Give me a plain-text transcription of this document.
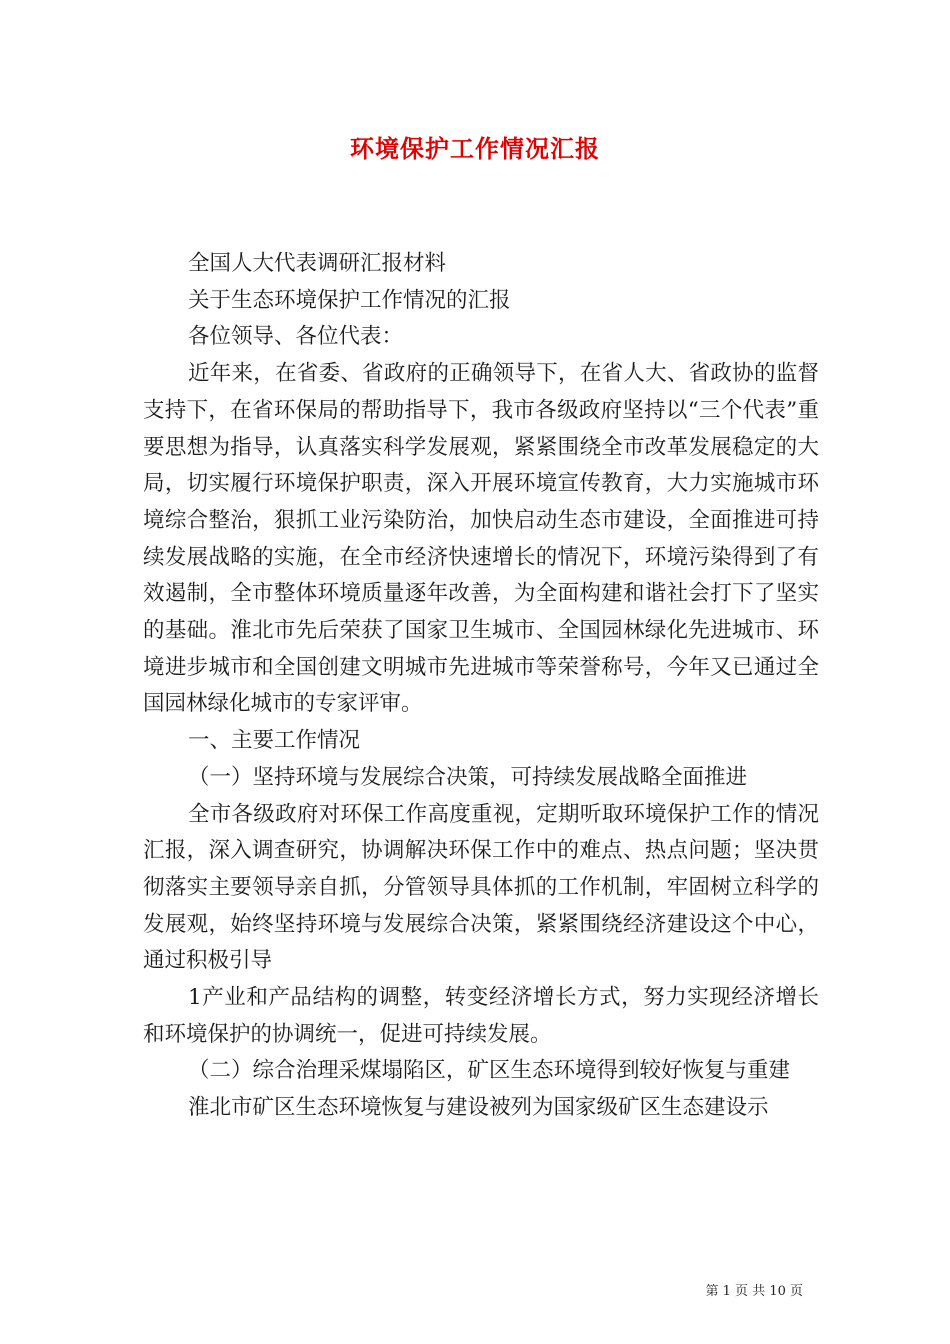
环境保护工作情况汇报

全国人大代表调研汇报材料

关于生态环境保护工作情况的汇报

各位领导、各位代表：

近年来，在省委、省政府的正确领导下，在省人大、省政协的监督支持下，在省环保局的帮助指导下，我市各级政府坚持以“三个代表”重要思想为指导，认真落实科学发展观，紧紧围绕全市改革发展稳定的大局，切实履行环境保护职责，深入开展环境宣传教育，大力实施城市环境综合整治，狠抓工业污染防治，加快启动生态市建设，全面推进可持续发展战略的实施，在全市经济快速增长的情况下，环境污染得到了有效遏制，全市整体环境质量逐年改善，为全面构建和谐社会打下了坚实的基础。淮北市先后荣获了国家卫生城市、全国园林绿化先进城市、环境进步城市和全国创建文明城市先进城市等荣誉称号，今年又已通过全国园林绿化城市的专家评审。

一、主要工作情况

（一）坚持环境与发展综合决策，可持续发展战略全面推进

全市各级政府对环保工作高度重视，定期听取环境保护工作的情况汇报，深入调查研究，协调解决环保工作中的难点、热点问题；坚决贯彻落实主要领导亲自抓，分管领导具体抓的工作机制，牢固树立科学的发展观，始终坚持环境与发展综合决策，紧紧围绕经济建设这个中心，通过积极引导

1产业和产品结构的调整，转变经济增长方式，努力实现经济增长和环境保护的协调统一，促进可持续发展。

（二）综合治理采煤塌陷区，矿区生态环境得到较好恢复与重建

淮北市矿区生态环境恢复与建设被列为国家级矿区生态建设示

第 1 页 共 10 页
